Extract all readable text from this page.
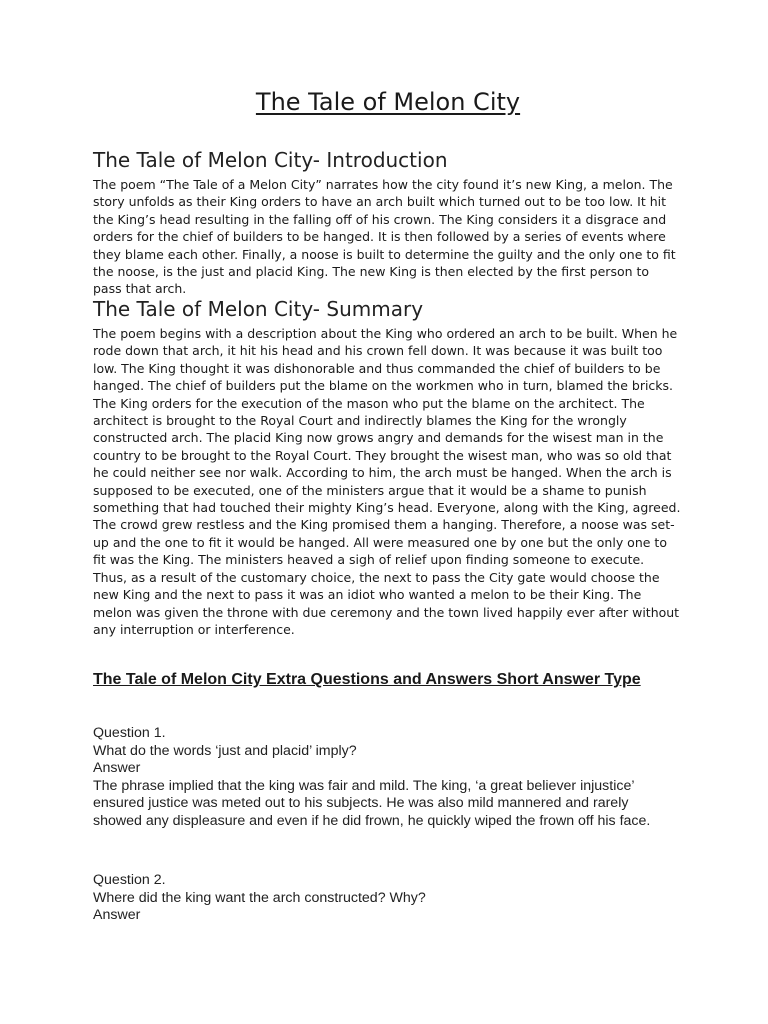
The Tale of Melon City
The Tale of Melon City- Introduction

The poem “The Tale of a Melon City” narrates how the city found it’s new King, a melon. The story unfolds as their King orders to have an arch built which turned out to be too low. It hit the King’s head resulting in the falling off of his crown. The King considers it a disgrace and orders for the chief of builders to be hanged. It is then followed by a series of events where they blame each other. Finally, a noose is built to determine the guilty and the only one to fit the noose, is the just and placid King. The new King is then elected by the first person to pass that arch.

The Tale of Melon City- Summary

The poem begins with a description about the King who ordered an arch to be built. When he rode down that arch, it hit his head and his crown fell down. It was because it was built too low. The King thought it was dishonorable and thus commanded the chief of builders to be hanged. The chief of builders put the blame on the workmen who in turn, blamed the bricks. The King orders for the execution of the mason who put the blame on the architect. The architect is brought to the Royal Court and indirectly blames the King for the wrongly constructed arch. The placid King now grows angry and demands for the wisest man in the country to be brought to the Royal Court. They brought the wisest man, who was so old that he could neither see nor walk. According to him, the arch must be hanged. When the arch is supposed to be executed, one of the ministers argue that it would be a shame to punish something that had touched their mighty King’s head. Everyone, along with the King, agreed. The crowd grew restless and the King promised them a hanging. Therefore, a noose was set-up and the one to fit it would be hanged. All were measured one by one but the only one to fit was the King. The ministers heaved a sigh of relief upon finding someone to execute. Thus, as a result of the customary choice, the next to pass the City gate would choose the new King and the next to pass it was an idiot who wanted a melon to be their King. The melon was given the throne with due ceremony and the town lived happily ever after without any interruption or interference.

The Tale of Melon City Extra Questions and Answers Short Answer Type
Question 1.
What do the words ‘just and placid’ imply?
Answer
The phrase implied that the king was fair and mild. The king, ‘a great believer injustice’ ensured justice was meted out to his subjects. He was also mild mannered and rarely showed any displeasure and even if he did frown, he quickly wiped the frown off his face.
Question 2.
Where did the king want the arch constructed? Why?
Answer
